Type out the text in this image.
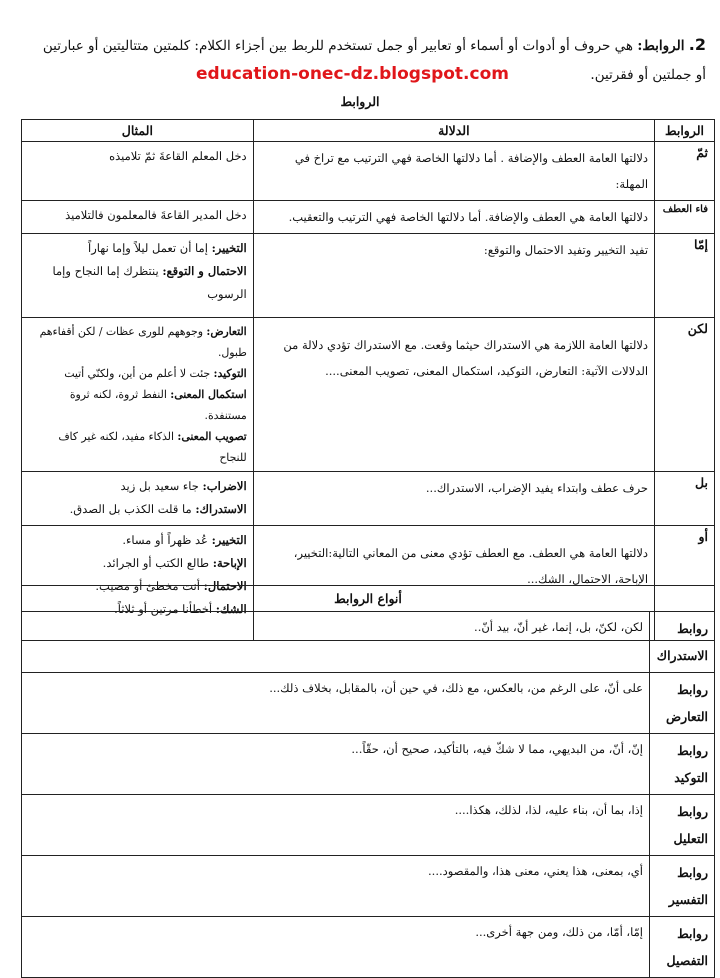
2. الروابط: هي حروف أو أدوات أو أسماء أو تعابير أو جمل تستخدم للربط بين أجزاء الكلام: كلمتين متتاليتين أو عبارتين أو جملتين أو فقرتين.
education-onec-dz.blogspot.com
الروابط
الروابط	الدلالة	المثال
ثمّ	دلالتها العامة العطف والإضافة . أما دلالتها الخاصة فهي الترتيب مع تراخ في المهلة:	دخل المعلم القاعةَ ثمّ تلاميذه

فاء العطف	دلالتها العامة هي العطف والإضافة. أما دلالتها الخاصة فهي الترتيب والتعقيب.	دخل المدير القاعةَ فالمعلمون فالتلاميذ

إمّا	تفيد التخيير وتفيد الاحتمال والتوقع:	التخيير: إما أن تعمل ليلاً وإما نهاراً
الاحتمال و التوقع: ينتظرك إما النجاح وإما الرسوب

لكن	دلالتها العامة اللازمة هي الاستدراك حيثما وقعت. مع الاستدراك تؤدي دلالة من الدلالات الآتية: التعارض، التوكيد، استكمال المعنى، تصويب المعنى....	التعارض: وجوههم للورى عظات / لكن أقفاءهم طبول.
التوكيد: جئت لا أعلم من أين، ولكنّي أتيت
استكمال المعنى: النفط ثروة، لكنه ثروة مستنفدة.
تصويب المعنى: الذكاء مفيد، لكنه غير كاف للنجاح

بل	حرف عطف وابتداء يفيد الإضراب، الاستدراك...	الاضراب: جاء سعيد بل زيد
الاستدراك: ما قلت الكذب بل الصدق.

أو	دلالتها العامة هي العطف. مع العطف تؤدي معنى من المعاني التالية:التخيير، الإباحة، الاحتمال، الشك...	التخيير: عُد ظهراً أو مساء.
الإباحة: طالع الكتب أو الجرائد.
الاحتمال: أنت مخطئ أو مصيب.
الشك: أخطأنا مرتين أو ثلاثاً.
أنواع الروابط	
روابط الاستدراك	لكن، لكنّ، بل، إنما، غير أنّ، بيد أنّ..
روابط التعارض	على أنّ، على الرغم من، بالعكس، مع ذلك، في حين أن، بالمقابل، بخلاف ذلك...
روابط التوكيد	إنّ، أنّ، من البديهي، مما لا شكّ فيه، بالتأكيد، صحيح أن، حقّاً...
روابط التعليل	إذا، بما أن، بناء عليه، لذا، لذلك، هكذا....
روابط التفسير	أي، بمعنى، هذا يعني، معنى هذا، والمقصود....
روابط التفصيل	إمّا، أمّا، من ذلك، ومن جهة أخرى...
